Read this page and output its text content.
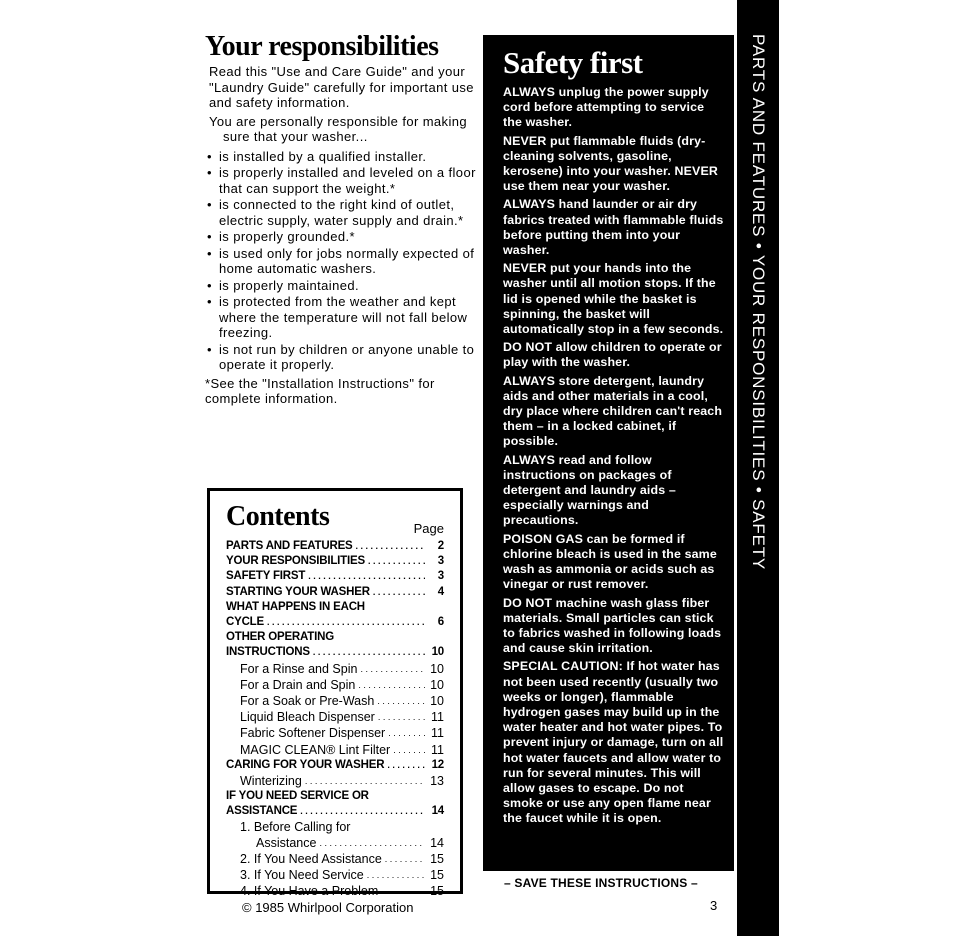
Your responsibilities

Read this "Use and Care Guide" and your "Laundry Guide" carefully for important use and safety information.

You are personally responsible for making sure that your washer...

• is installed by a qualified installer.
• is properly installed and leveled on a floor that can support the weight.*
• is connected to the right kind of outlet, electric supply, water supply and drain.*
• is properly grounded.*
• is used only for jobs normally expected of home automatic washers.
• is properly maintained.
• is protected from the weather and kept where the temperature will not fall below freezing.
• is not run by children or anyone unable to operate it properly.

*See the "Installation Instructions" for complete information.

Contents	Page
PARTS AND FEATURES . . .	2
YOUR RESPONSIBILITIES . . .	3
SAFETY FIRST . . .	3
STARTING YOUR WASHER . . .	4
WHAT HAPPENS IN EACH
CYCLE . . .	6
OTHER OPERATING
INSTRUCTIONS . . .	10
For a Rinse and Spin . . .	10
For a Drain and Spin . . .	10
For a Soak or Pre-Wash . . .	10
Liquid Bleach Dispenser . . .	11
Fabric Softener Dispenser . . .	11
MAGIC CLEAN® Lint Filter . . .	11
CARING FOR YOUR WASHER . . .	12
Winterizing . . .	13
IF YOU NEED SERVICE OR
ASSISTANCE . . .	14
1. Before Calling for
Assistance . . .	14
2. If You Need Assistance . . .	15
3. If You Need Service . . .	15
4. If You Have a Problem . . .	15
© 1985 Whirlpool Corporation
Safety first

ALWAYS unplug the power supply cord before attempting to service the washer.

NEVER put flammable fluids (dry-cleaning solvents, gasoline, kerosene) into your washer. NEVER use them near your washer.

ALWAYS hand launder or air dry fabrics treated with flammable fluids before putting them into your washer.

NEVER put your hands into the washer until all motion stops. If the lid is opened while the basket is spinning, the basket will automatically stop in a few seconds.

DO NOT allow children to operate or play with the washer.

ALWAYS store detergent, laundry aids and other materials in a cool, dry place where children can't reach them – in a locked cabinet, if possible.

ALWAYS read and follow instructions on packages of detergent and laundry aids – especially warnings and precautions.

POISON GAS can be formed if chlorine bleach is used in the same wash as ammonia or acids such as vinegar or rust remover.

DO NOT machine wash glass fiber materials. Small particles can stick to fabrics washed in following loads and cause skin irritation.

SPECIAL CAUTION: If hot water has not been used recently (usually two weeks or longer), flammable hydrogen gases may build up in the water heater and hot water pipes. To prevent injury or damage, turn on all hot water faucets and allow water to run for several minutes. This will allow gases to escape. Do not smoke or use any open flame near the faucet while it is open.

– SAVE THESE INSTRUCTIONS –
3
PARTS AND FEATURES • YOUR RESPONSIBILITIES • SAFETY
